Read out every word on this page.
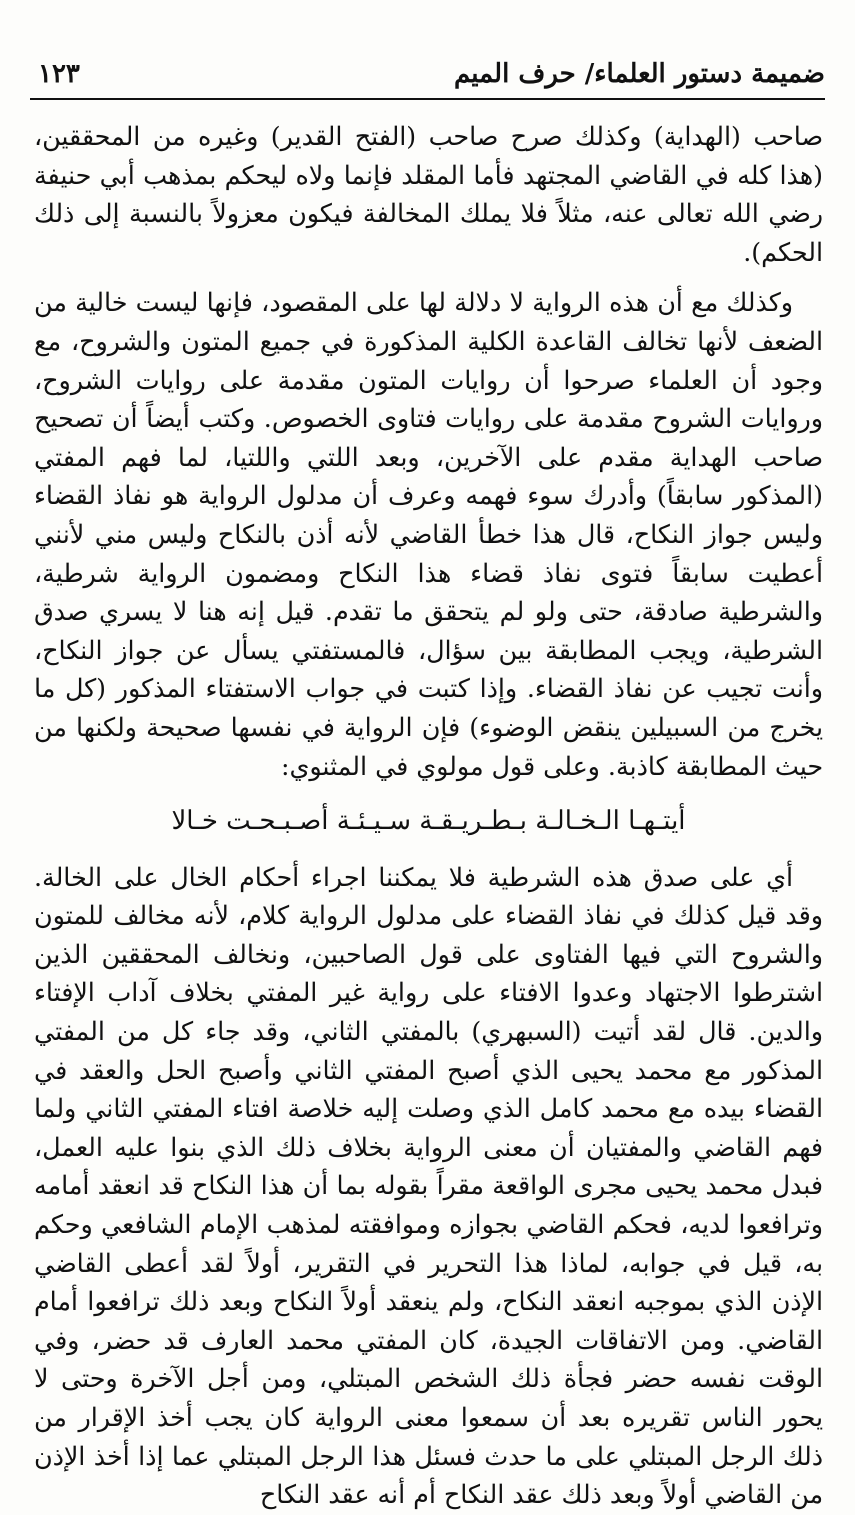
١٢٣	ضميمة دستور العلماء/ حرف الميم

صاحب (الهداية) وكذلك صرح صاحب (الفتح القدير) وغيره من المحققين، (هذا كله في القاضي المجتهد فأما المقلد فإنما ولاه ليحكم بمذهب أبي حنيفة رضي الله تعالى عنه، مثلاً فلا يملك المخالفة فيكون معزولاً بالنسبة إلى ذلك الحكم).

وكذلك مع أن هذه الرواية لا دلالة لها على المقصود، فإنها ليست خالية من الضعف لأنها تخالف القاعدة الكلية المذكورة في جميع المتون والشروح، مع وجود أن العلماء صرحوا أن روايات المتون مقدمة على روايات الشروح، وروايات الشروح مقدمة على روايات فتاوى الخصوص. وكتب أيضاً أن تصحيح صاحب الهداية مقدم على الآخرين، وبعد اللتي واللتيا، لما فهم المفتي (المذكور سابقاً) وأدرك سوء فهمه وعرف أن مدلول الرواية هو نفاذ القضاء وليس جواز النكاح، قال هذا خطأ القاضي لأنه أذن بالنكاح وليس مني لأنني أعطيت سابقاً فتوى نفاذ قضاء هذا النكاح ومضمون الرواية شرطية، والشرطية صادقة، حتى ولو لم يتحقق ما تقدم. قيل إنه هنا لا يسري صدق الشرطية، ويجب المطابقة بين سؤال، فالمستفتي يسأل عن جواز النكاح، وأنت تجيب عن نفاذ القضاء. وإذا كتبت في جواب الاستفتاء المذكور (كل ما يخرج من السبيلين ينقض الوضوء) فإن الرواية في نفسها صحيحة ولكنها من حيث المطابقة كاذبة. وعلى قول مولوي في المثنوي:

أيتـهـا الـخـالـة بـطـريـقـة سـيـئـة أصـبـحـت خـالا

أي على صدق هذه الشرطية فلا يمكننا اجراء أحكام الخال على الخالة. وقد قيل كذلك في نفاذ القضاء على مدلول الرواية كلام، لأنه مخالف للمتون والشروح التي فيها الفتاوى على قول الصاحبين، ونخالف المحققين الذين اشترطوا الاجتهاد وعدوا الافتاء على رواية غير المفتي بخلاف آداب الإفتاء والدين. قال لقد أتيت (السبهري) بالمفتي الثاني، وقد جاء كل من المفتي المذكور مع محمد يحيى الذي أصبح المفتي الثاني وأصبح الحل والعقد في القضاء بيده مع محمد كامل الذي وصلت إليه خلاصة افتاء المفتي الثاني ولما فهم القاضي والمفتيان أن معنى الرواية بخلاف ذلك الذي بنوا عليه العمل، فبدل محمد يحيى مجرى الواقعة مقراً بقوله بما أن هذا النكاح قد انعقد أمامه وترافعوا لديه، فحكم القاضي بجوازه وموافقته لمذهب الإمام الشافعي وحكم به، قيل في جوابه، لماذا هذا التحرير في التقرير، أولاً لقد أعطى القاضي الإذن الذي بموجبه انعقد النكاح، ولم ينعقد أولاً النكاح وبعد ذلك ترافعوا أمام القاضي. ومن الاتفاقات الجيدة، كان المفتي محمد العارف قد حضر، وفي الوقت نفسه حضر فجأة ذلك الشخص المبتلي، ومن أجل الآخرة وحتى لا يحور الناس تقريره بعد أن سمعوا معنى الرواية كان يجب أخذ الإقرار من ذلك الرجل المبتلي على ما حدث فسئل هذا الرجل المبتلي عما إذا أخذ الإذن من القاضي أولاً وبعد ذلك عقد النكاح أم أنه عقد النكاح
